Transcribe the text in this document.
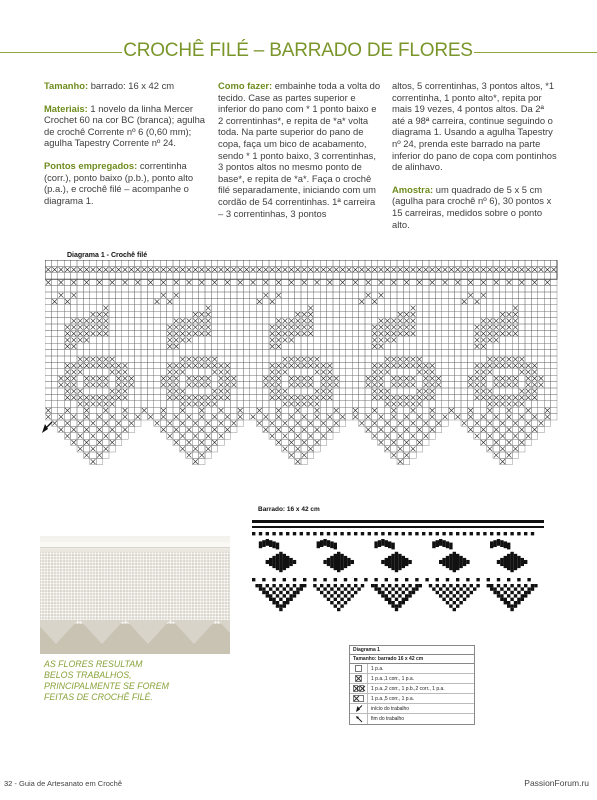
CROCHÊ FILÉ – BARRADO DE FLORES

Tamanho: barrado: 16 x 42 cm

Materiais: 1 novelo da linha Mercer Crochet 60 na cor BC (branca); agulha de crochê Corrente nº 6 (0,60 mm); agulha Tapestry Corrente nº 24.

Pontos empregados: correntinha (corr.), ponto baixo (p.b.), ponto alto (p.a.), e crochê filé – acompanhe o diagrama 1.

Como fazer: embainhe toda a volta do tecido. Case as partes superior e inferior do pano com * 1 ponto baixo e 2 correntinhas*, e repita de *a* volta toda. Na parte superior do pano de copa, faça um bico de acabamento, sendo * 1 ponto baixo, 3 correntinhas, 3 pontos altos no mesmo ponto de base*, e repita de *a*. Faça o crochê filé separadamente, iniciando com um cordão de 54 correntinhas. 1ª carreira – 3 correntinhas, 3 pontos

altos, 5 correntinhas, 3 pontos altos, *1 correntinha, 1 ponto alto*, repita por mais 19 vezes, 4 pontos altos. Da 2ª até a 98ª carreira, continue seguindo o diagrama 1. Usando a agulha Tapestry nº 24, prenda este barrado na parte inferior do pano de copa com pontinhos de alinhavo.

Amostra: um quadrado de 5 x 5 cm (agulha para crochê nº 6), 30 pontos x 15 carreiras, medidos sobre o ponto alto.

Diagrama 1 - Crochê filé
Barrado: 16 x 42 cm
AS FLORES RESULTAM BELOS TRABALHOS, PRINCIPALMENTE SE FOREM FEITAS DE CROCHÊ FILÉ.
Diagrama 1
Tamanho: barrado 16 x 42 cm
1 p.a.
1 p.a.,1 corr., 1 p.a.
1 p.a.,2 corr., 1 p.b.,2 corr., 1 p.a.
1 p.a.,5 corr., 1 p.a.
início do trabalho
fim do trabalho
32 - Guia de Artesanato em Crochê	PassionForum.ru
